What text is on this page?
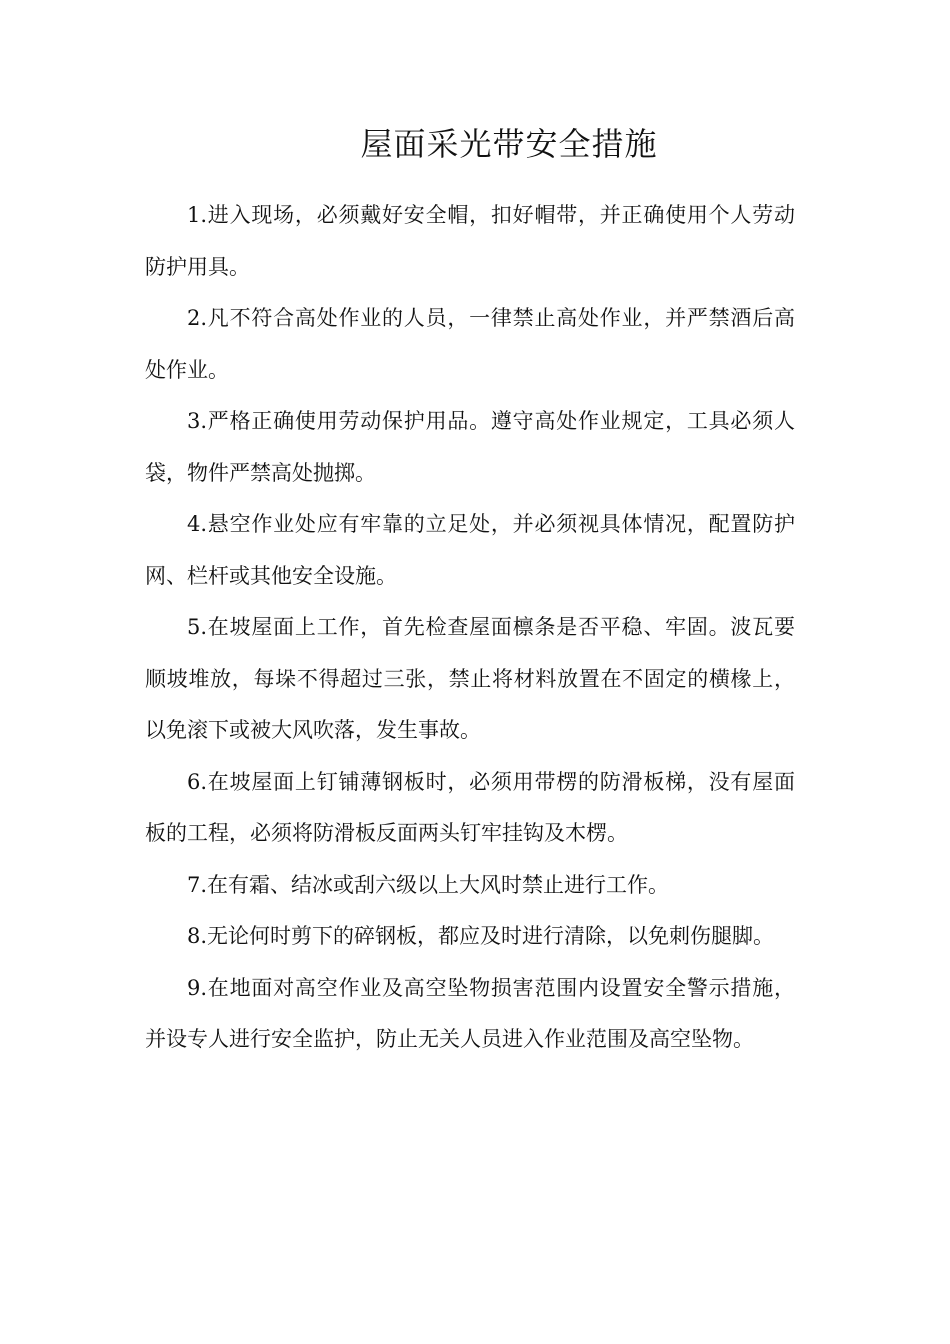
屋面采光带安全措施

1.进入现场，必须戴好安全帽，扣好帽带，并正确使用个人劳动防护用具。

2.凡不符合高处作业的人员，一律禁止高处作业，并严禁酒后高处作业。

3.严格正确使用劳动保护用品。遵守高处作业规定，工具必须人袋，物件严禁高处抛掷。

4.悬空作业处应有牢靠的立足处，并必须视具体情况，配置防护网、栏杆或其他安全设施。

5.在坡屋面上工作，首先检查屋面檩条是否平稳、牢固。波瓦要顺坡堆放，每垛不得超过三张，禁止将材料放置在不固定的横椽上，以免滚下或被大风吹落，发生事故。

6.在坡屋面上钉铺薄钢板时，必须用带楞的防滑板梯，没有屋面板的工程，必须将防滑板反面两头钉牢挂钩及木楞。

7.在有霜、结冰或刮六级以上大风时禁止进行工作。

8.无论何时剪下的碎钢板，都应及时进行清除，以免刺伤腿脚。

9.在地面对高空作业及高空坠物损害范围内设置安全警示措施，并设专人进行安全监护，防止无关人员进入作业范围及高空坠物。
